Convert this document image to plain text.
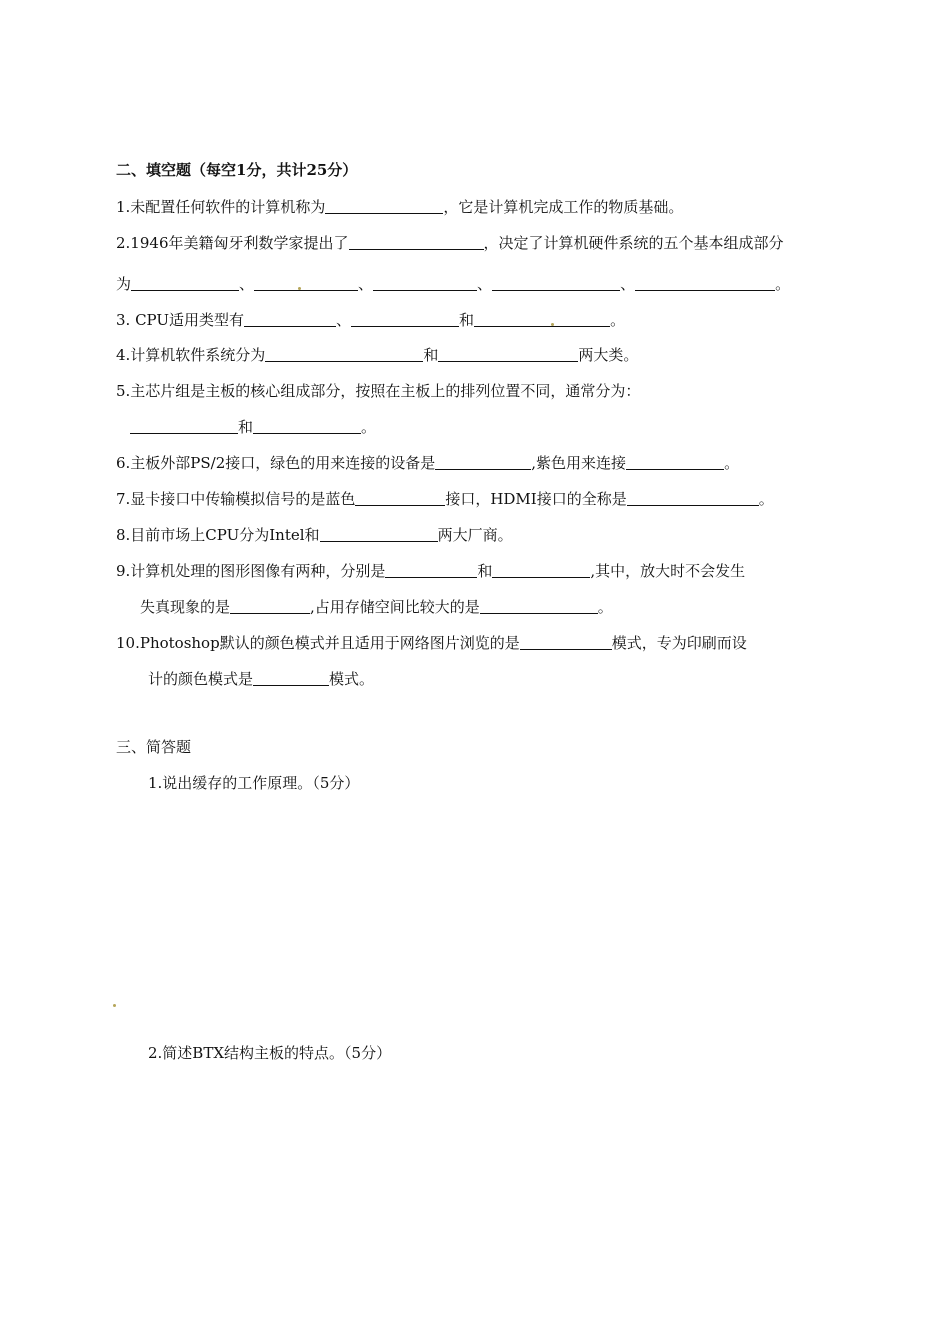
二、填空题（每空1分，共计25分）
1.未配置任何软件的计算机称为	，它是计算机完成工作的物质基础。
2.1946年美籍匈牙利数学家提出了	，决定了计算机硬件系统的五个基本组成部分
为	、	、	、	、	。
3. CPU适用类型有	、	和	。
4.计算机软件系统分为	和	两大类。
5.主芯片组是主板的核心组成部分，按照在主板上的排列位置不同，通常分为：
和	。
6.主板外部PS/2接口，绿色的用来连接的设备是	,紫色用来连接	。
7.显卡接口中传输模拟信号的是蓝色	接口，HDMI接口的全称是	。
8.目前市场上CPU分为Intel和	两大厂商。
9.计算机处理的图形图像有两种，分别是	和	,其中，放大时不会发生
失真现象的是	,占用存储空间比较大的是	。
10.Photoshop默认的颜色模式并且适用于网络图片浏览的是	模式，专为印刷而设
计的颜色模式是	模式。
三、简答题
1.说出缓存的工作原理。（5分）
2.简述BTX结构主板的特点。（5分）
